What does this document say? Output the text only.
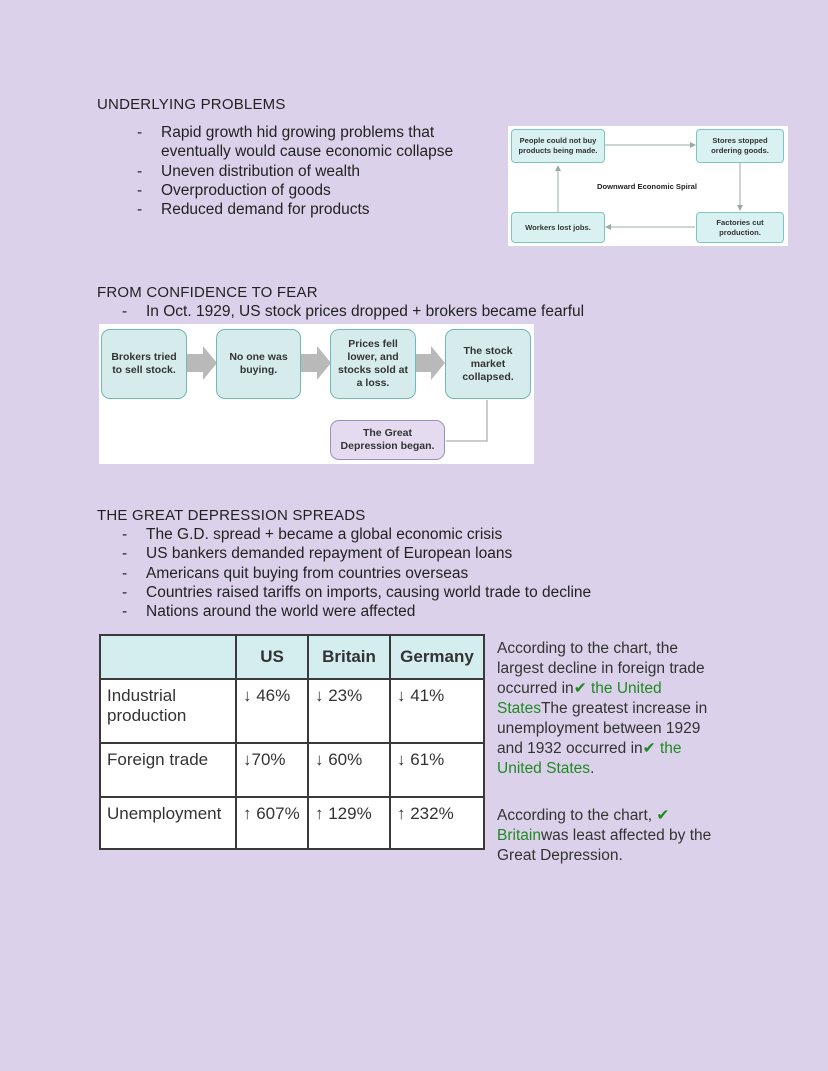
UNDERLYING PROBLEMS
- Rapid growth hid growing problems that
eventually would cause economic collapse
- Uneven distribution of wealth
- Overproduction of goods
- Reduced demand for products
People could not buy products being made.
Stores stopped ordering goods.
Downward Economic Spiral
Factories cut production.
Workers lost jobs.
FROM CONFIDENCE TO FEAR
- In Oct. 1929, US stock prices dropped + brokers became fearful
Brokers tried to sell stock.
No one was buying.
Prices fell lower, and stocks sold at a loss.
The stock market collapsed.
The Great Depression began.
THE GREAT DEPRESSION SPREADS
- The G.D. spread + became a global economic crisis
- US bankers demanded repayment of European loans
- Americans quit buying from countries overseas
- Countries raised tariffs on imports, causing world trade to decline
- Nations around the world were affected
	US	Britain	Germany
Industrial production	↓ 46%	↓ 23%	↓ 41%
Foreign trade	↓70%	↓ 60%	↓ 61%
Unemployment	↑ 607%	↑ 129%	↑ 232%
According to the chart, the largest decline in foreign trade occurred in✔ the United StatesThe greatest increase in unemployment between 1929 and 1932 occurred in✔ the United States.
According to the chart, ✔ Britainwas least affected by the Great Depression.
